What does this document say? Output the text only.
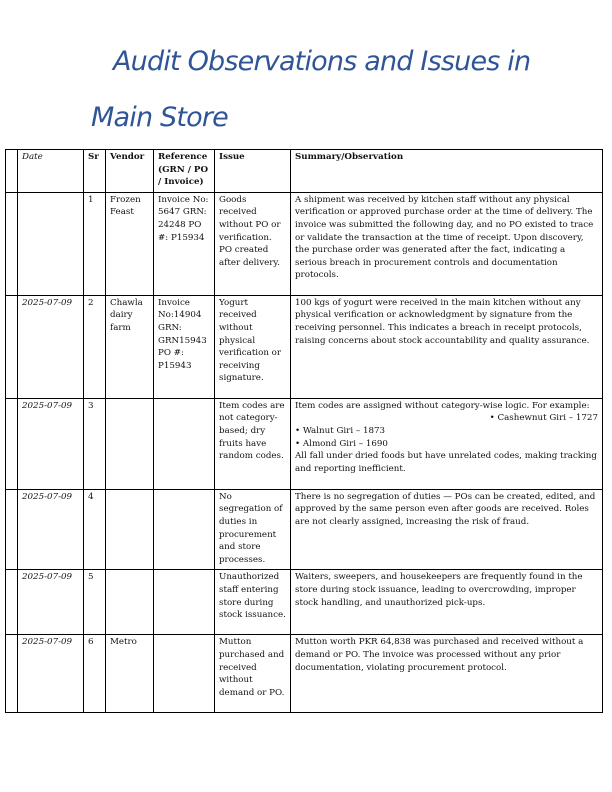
Audit Observations and Issues in
Main Store
	Date	Sr	Vendor	Reference (GRN / PO / Invoice)	Issue	Summary/Observation
		1	Frozen Feast	Invoice No: 5647 GRN: 24248 PO #: P15934	Goods received without PO or verification. PO created after delivery.	A shipment was received by kitchen staff without any physical verification or approved purchase order at the time of delivery. The invoice was submitted the following day, and no PO existed to trace or validate the transaction at the time of receipt. Upon discovery, the purchase order was generated after the fact, indicating a serious breach in procurement controls and documentation protocols.
	2025-07-09	2	Chawla dairy farm	Invoice No:14904 GRN: GRN15943 PO #: P15943	Yogurt received without physical verification or receiving signature.	100 kgs of yogurt were received in the main kitchen without any physical verification or acknowledgment by signature from the receiving personnel. This indicates a breach in receipt protocols, raising concerns about stock accountability and quality assurance.
	2025-07-09	3			Item codes are not category-based; dry fruits have random codes.	Item codes are assigned without category-wise logic. For example:
• Cashewnut Giri – 1727
• Walnut Giri – 1873
• Almond Giri – 1690
All fall under dried foods but have unrelated codes, making tracking and reporting inefficient.

	2025-07-09	4			No segregation of duties in procurement and store processes.	There is no segregation of duties — POs can be created, edited, and approved by the same person even after goods are received. Roles are not clearly assigned, increasing the risk of fraud.
	2025-07-09	5			Unauthorized staff entering store during stock issuance.	Waiters, sweepers, and housekeepers are frequently found in the store during stock issuance, leading to overcrowding, improper stock handling, and unauthorized pick-ups.
	2025-07-09	6	Metro		Mutton purchased and received without demand or PO.	Mutton worth PKR 64,838 was purchased and received without a demand or PO. The invoice was processed without any prior documentation, violating procurement protocol.
